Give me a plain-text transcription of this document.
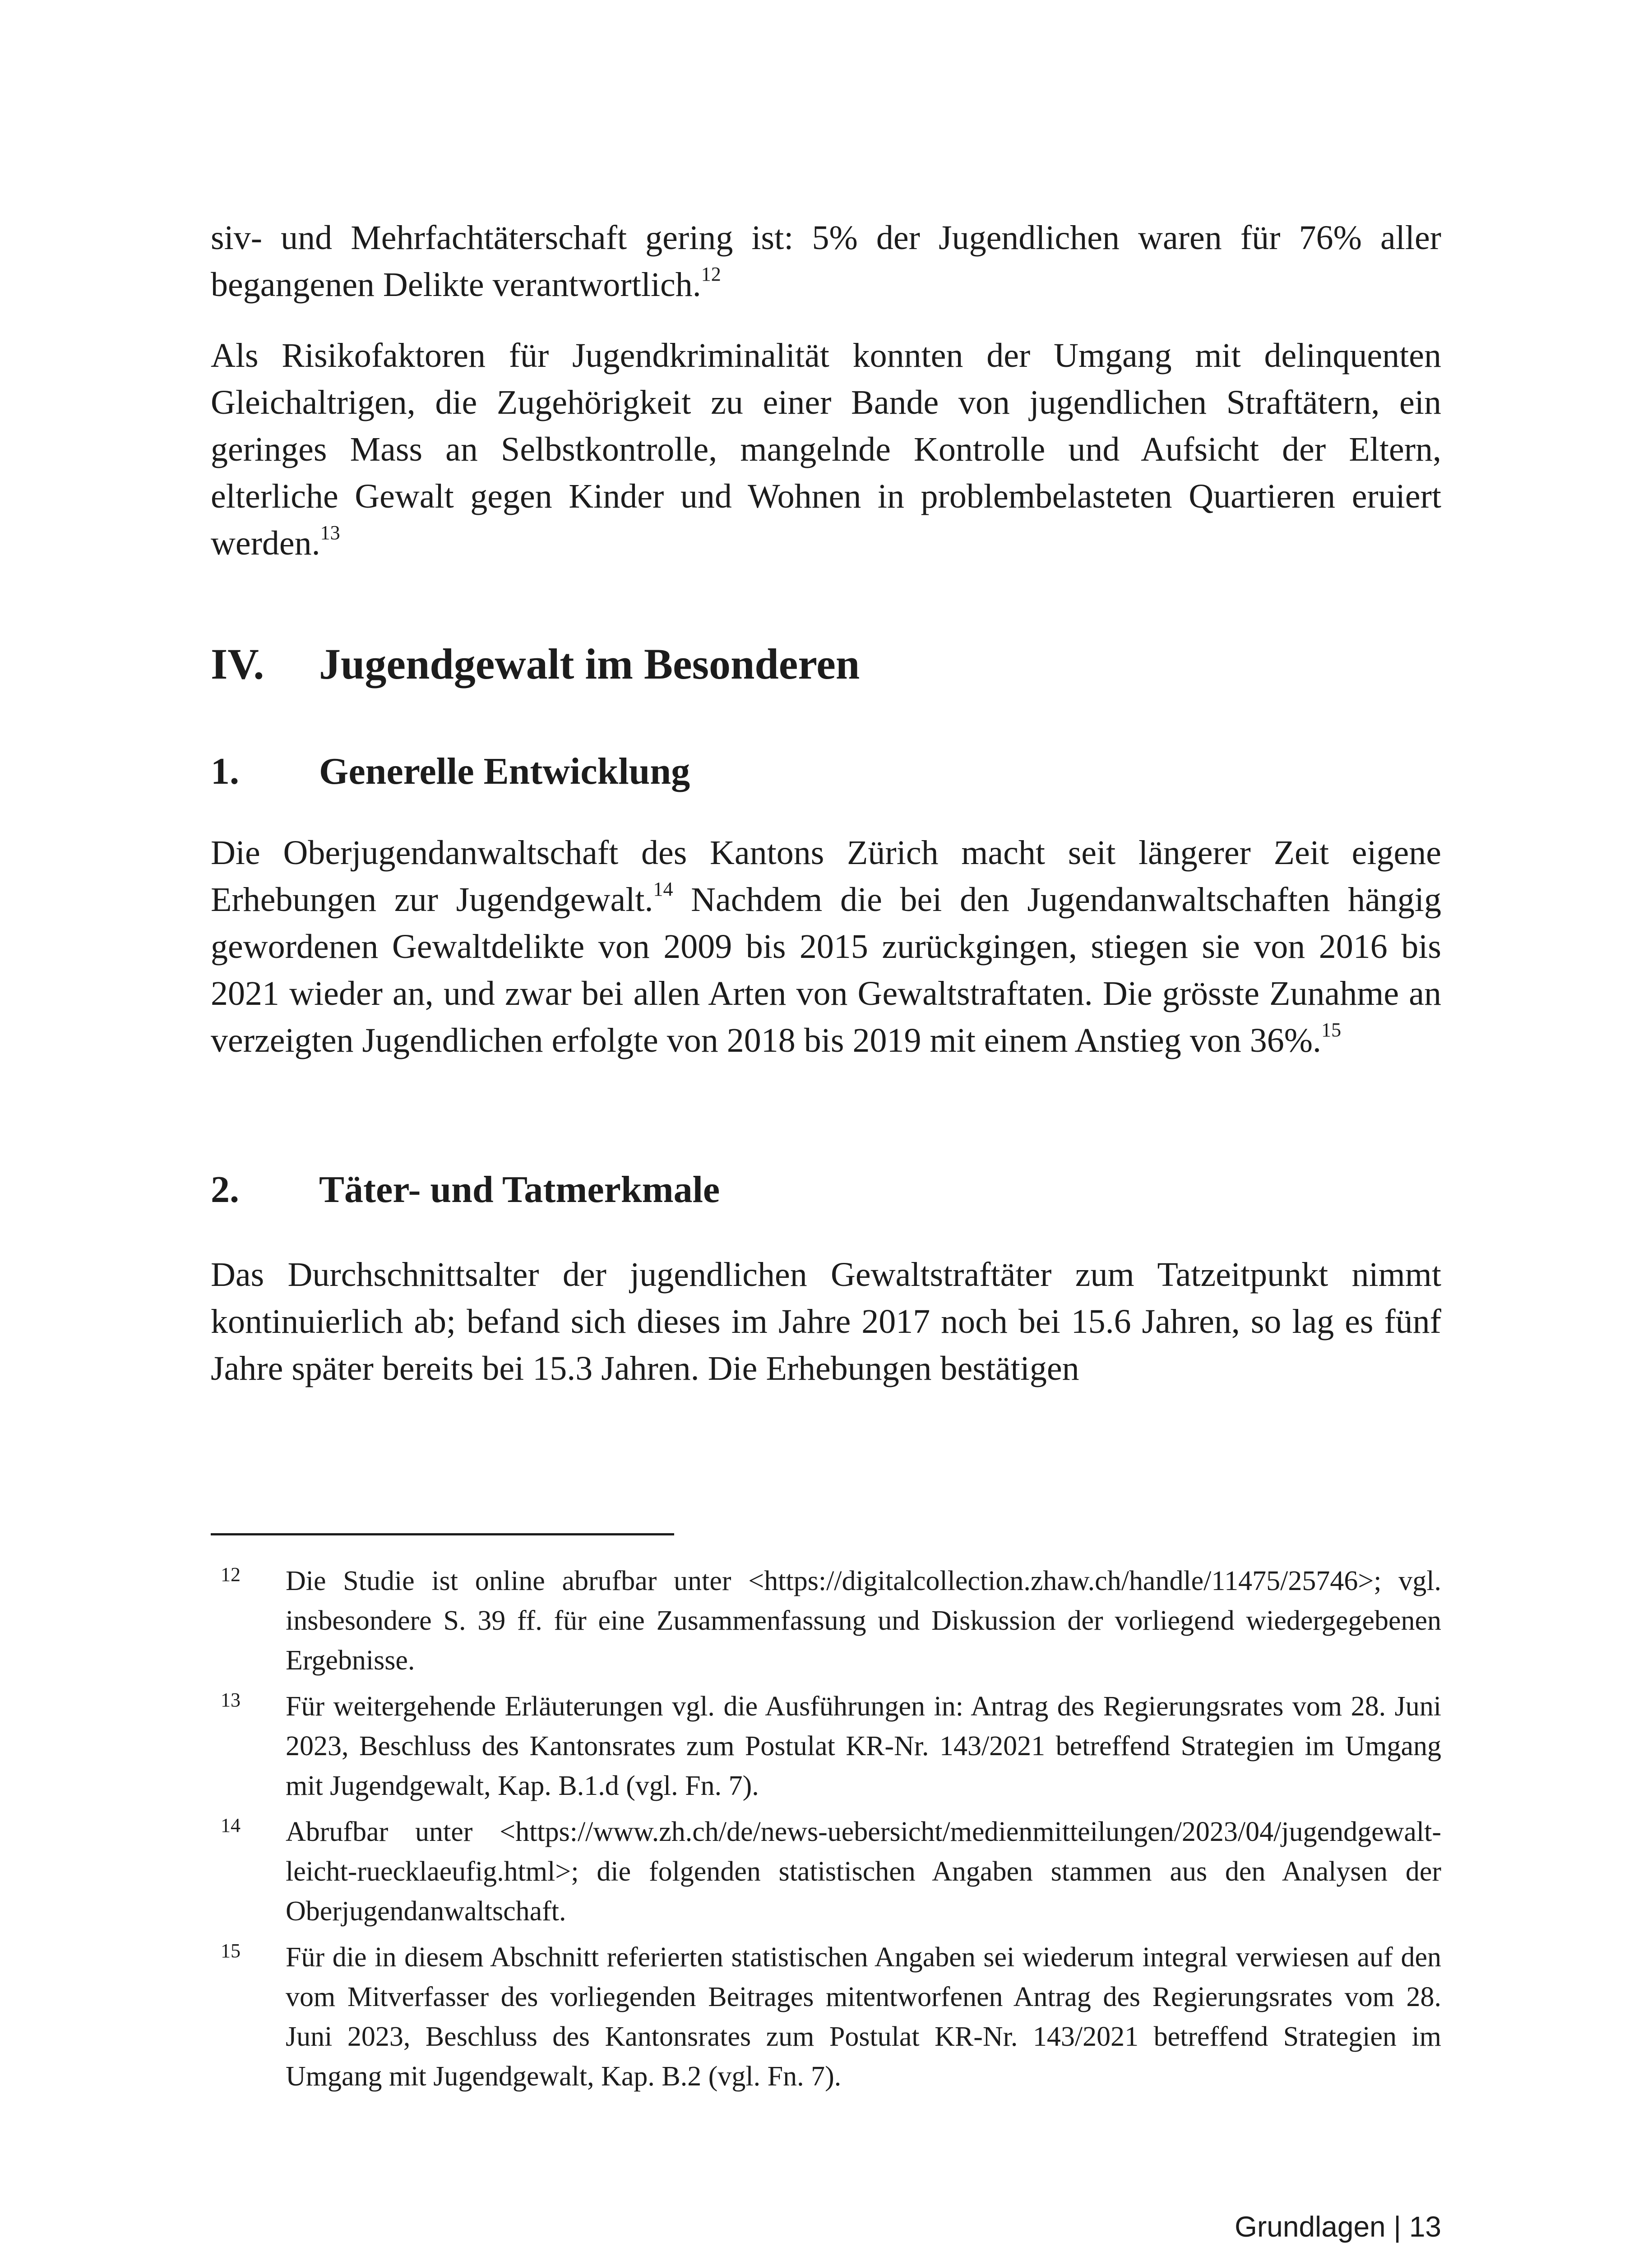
siv- und Mehrfachtäterschaft gering ist: 5% der Jugendlichen waren für 76% aller begangenen Delikte verantwortlich.$^{12}$

Als Risikofaktoren für Jugendkriminalität konnten der Umgang mit delinquenten Gleichaltrigen, die Zugehörigkeit zu einer Bande von jugendlichen Straftätern, ein geringes Mass an Selbstkontrolle, mangelnde Kontrolle und Aufsicht der Eltern, elterliche Gewalt gegen Kinder und Wohnen in problembelasteten Quartieren eruiert werden.$^{13}$

IV.	Jugendgewalt im Besonderen
1.	Generelle Entwicklung

Die Oberjugendanwaltschaft des Kantons Zürich macht seit längerer Zeit eigene Erhebungen zur Jugendgewalt.$^{14}$ Nachdem die bei den Jugendanwaltschaften hängig gewordenen Gewaltdelikte von 2009 bis 2015 zurückgingen, stiegen sie von 2016 bis 2021 wieder an, und zwar bei allen Arten von Gewaltstraftaten. Die grösste Zunahme an verzeigten Jugendlichen erfolgte von 2018 bis 2019 mit einem Anstieg von 36%.$^{15}$

2.	Täter- und Tatmerkmale

Das Durchschnittsalter der jugendlichen Gewaltstraftäter zum Tatzeitpunkt nimmt kontinuierlich ab; befand sich dieses im Jahre 2017 noch bei 15.6 Jahren, so lag es fünf Jahre später bereits bei 15.3 Jahren. Die Erhebungen bestätigen

12 Die Studie ist online abrufbar unter <https://digitalcollection.zhaw.ch/handle/11475/25746>; vgl. insbesondere S. 39 ff. für eine Zusammenfassung und Diskussion der vorliegend wiedergegebenen Ergebnisse.

13 Für weitergehende Erläuterungen vgl. die Ausführungen in: Antrag des Regierungsrates vom 28. Juni 2023, Beschluss des Kantonsrates zum Postulat KR-Nr. 143/2021 betreffend Strategien im Umgang mit Jugendgewalt, Kap. B.1.d (vgl. Fn. 7).

14 Abrufbar unter <https://www.zh.ch/de/news-uebersicht/medienmitteilungen/2023/04/jugendgewalt-leicht-ruecklaeufig.html>; die folgenden statistischen Angaben stammen aus den Analysen der Oberjugendanwaltschaft.

15 Für die in diesem Abschnitt referierten statistischen Angaben sei wiederum integral verwiesen auf den vom Mitverfasser des vorliegenden Beitrages mitentworfenen Antrag des Regierungsrates vom 28. Juni 2023, Beschluss des Kantonsrates zum Postulat KR-Nr. 143/2021 betreffend Strategien im Umgang mit Jugendgewalt, Kap. B.2 (vgl. Fn. 7).

Grundlagen | 13
